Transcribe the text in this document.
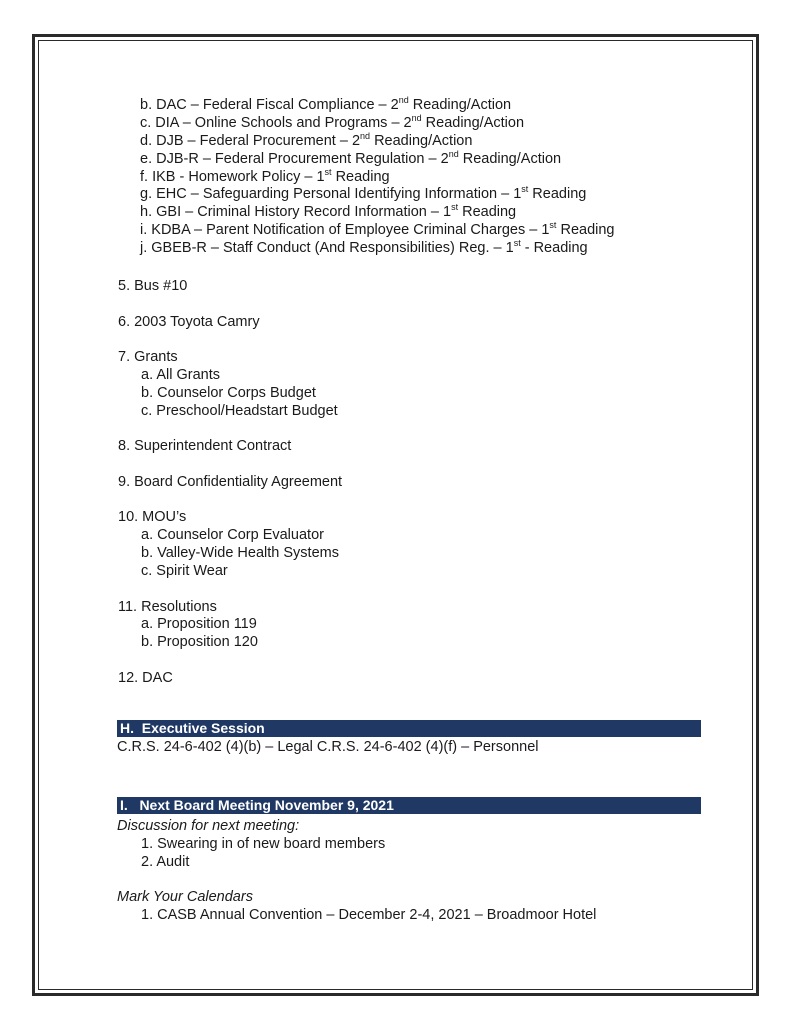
b. DAC – Federal Fiscal Compliance – 2nd Reading/Action
c. DIA – Online Schools and Programs – 2nd Reading/Action
d. DJB – Federal Procurement – 2nd Reading/Action
e. DJB-R – Federal Procurement Regulation – 2nd Reading/Action
f. IKB - Homework Policy – 1st Reading
g. EHC – Safeguarding Personal Identifying Information – 1st Reading
h. GBI – Criminal History Record Information – 1st Reading
i. KDBA – Parent Notification of Employee Criminal Charges – 1st Reading
j. GBEB-R – Staff Conduct (And Responsibilities) Reg. – 1st - Reading
5. Bus #10
6. 2003 Toyota Camry
7. Grants
a. All Grants
b. Counselor Corps Budget
c. Preschool/Headstart Budget
8. Superintendent Contract
9. Board Confidentiality Agreement
10. MOU’s
a. Counselor Corp Evaluator
b. Valley-Wide Health Systems
c. Spirit Wear
11. Resolutions
a. Proposition 119
b. Proposition 120
12. DAC
H.  Executive Session
C.R.S. 24-6-402 (4)(b) – Legal C.R.S. 24-6-402 (4)(f) – Personnel
I.   Next Board Meeting November 9, 2021
Discussion for next meeting:
1. Swearing in of new board members
2. Audit
Mark Your Calendars
1. CASB Annual Convention – December 2-4, 2021 – Broadmoor Hotel
